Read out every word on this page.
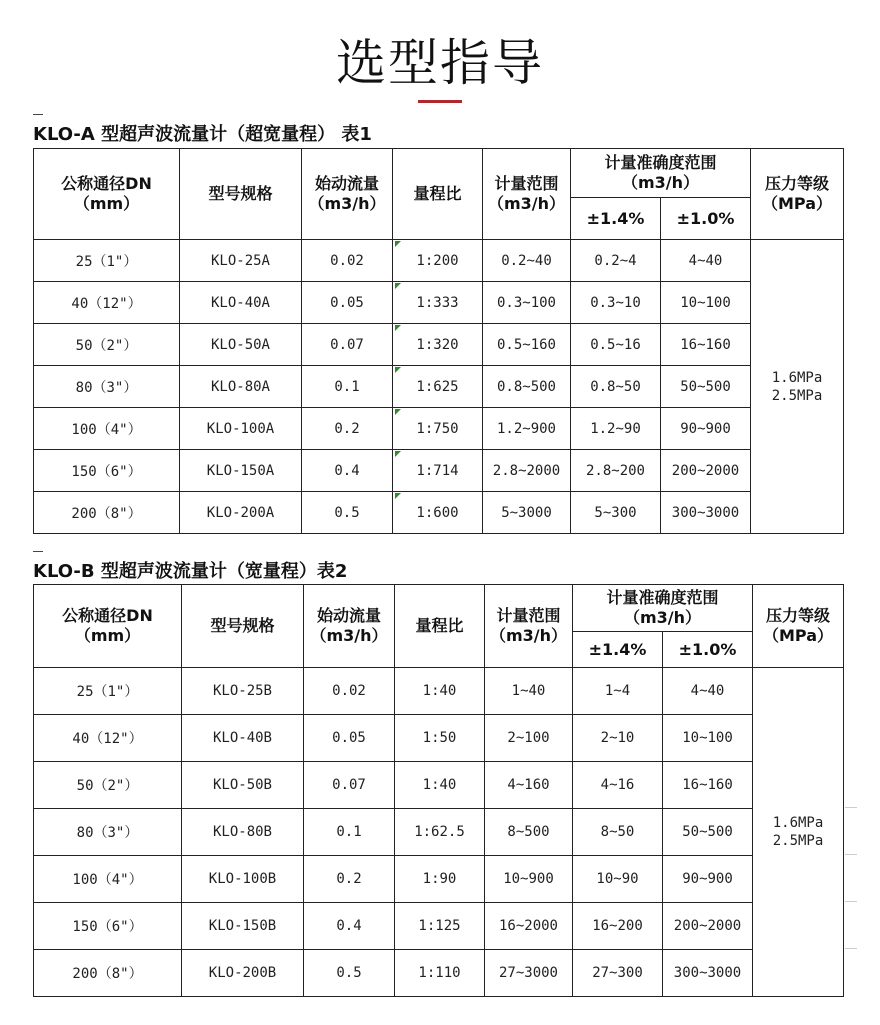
选型指导
KLO-A 型超声波流量计（超宽量程） 表1
公称通径DN（mm）	型号规格	始动流量（m3/h）	量程比	计量范围（m3/h）	计量准确度范围（m3/h）		压力等级（MPa）
					±1.4%	±1.0%	
25（1"）	KLO-25A	0.02	1:200	0.2~40	0.2~4	4~40	1.6MPa 2.5MPa
40（12"）	KLO-40A	0.05	1:333	0.3~100	0.3~10	10~100	
50（2"）	KLO-50A	0.07	1:320	0.5~160	0.5~16	16~160	
80（3"）	KLO-80A	0.1	1:625	0.8~500	0.8~50	50~500	
100（4"）	KLO-100A	0.2	1:750	1.2~900	1.2~90	90~900	
150（6"）	KLO-150A	0.4	1:714	2.8~2000	2.8~200	200~2000	
200（8"）	KLO-200A	0.5	1:600	5~3000	5~300	300~3000	
KLO-B 型超声波流量计（宽量程）表2
公称通径DN（mm）	型号规格	始动流量（m3/h）	量程比	计量范围（m3/h）	计量准确度范围（m3/h）		压力等级（MPa）
					±1.4%	±1.0%	
25（1"）	KLO-25B	0.02	1:40	1~40	1~4	4~40	1.6MPa 2.5MPa
40（12"）	KLO-40B	0.05	1:50	2~100	2~10	10~100	
50（2"）	KLO-50B	0.07	1:40	4~160	4~16	16~160	
80（3"）	KLO-80B	0.1	1:62.5	8~500	8~50	50~500	
100（4"）	KLO-100B	0.2	1:90	10~900	10~90	90~900	
150（6"）	KLO-150B	0.4	1:125	16~2000	16~200	200~2000	
200（8"）	KLO-200B	0.5	1:110	27~3000	27~300	300~3000	
